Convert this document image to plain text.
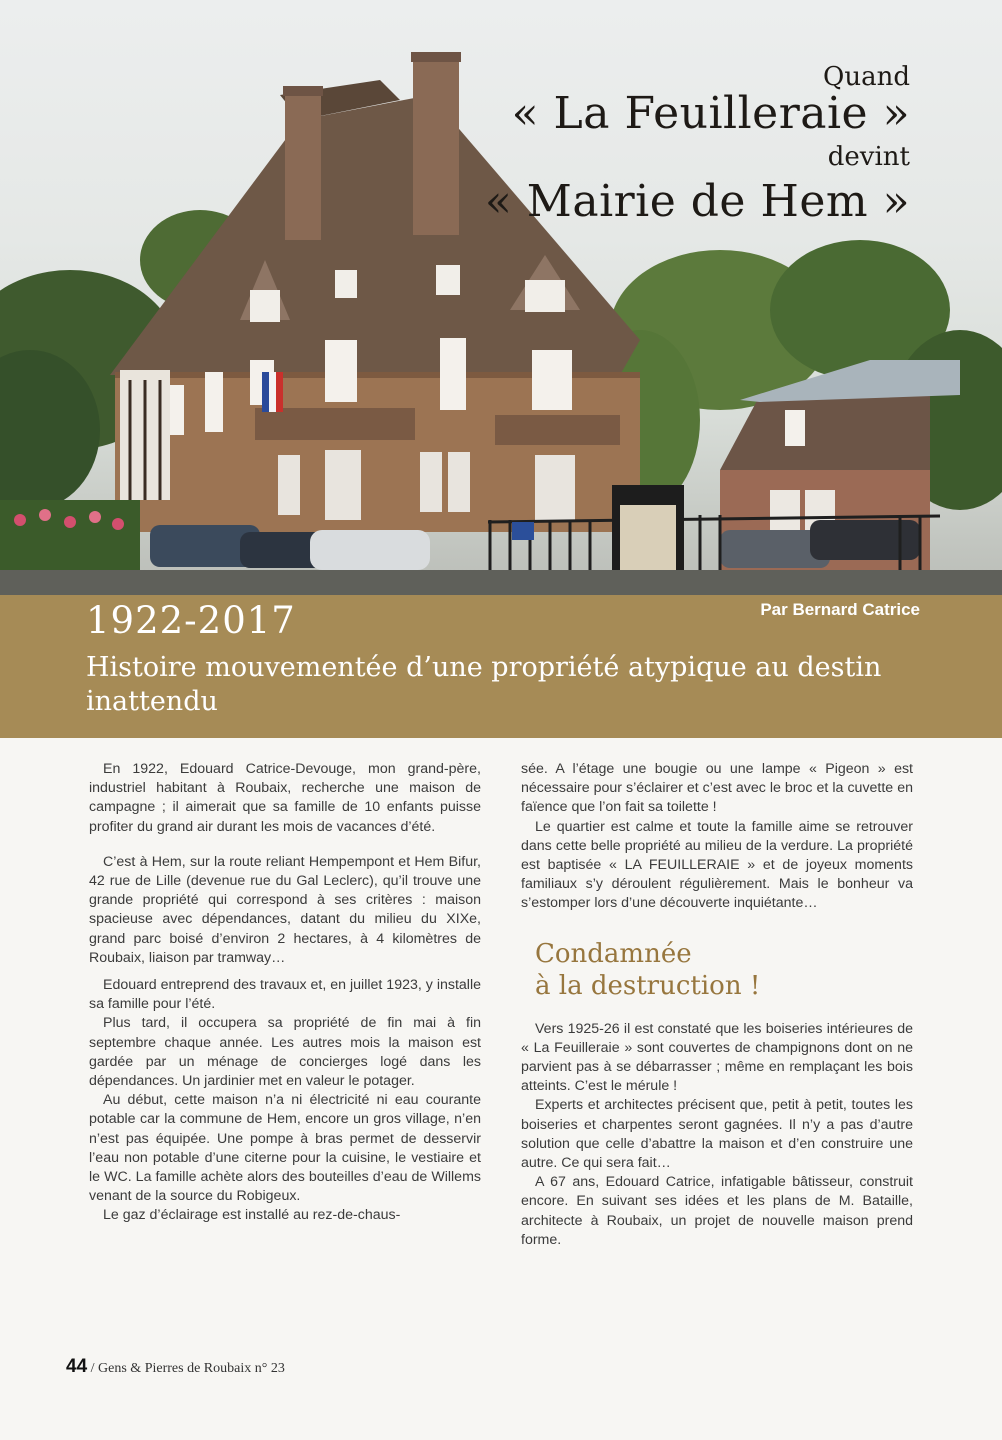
Quand
« La Feuilleraie »
devint
« Mairie de Hem »
1922-2017	Par Bernard Catrice
Histoire mouvementée d’une propriété atypique au destin inattendu

En 1922, Edouard Catrice-Devouge, mon grand-père, industriel habitant à Roubaix, recherche une maison de campagne ; il aimerait que sa famille de 10 enfants puisse profiter du grand air durant les mois de vacances d’été.

C’est à Hem, sur la route reliant Hempempont et Hem Bifur, 42 rue de Lille (devenue rue du Gal Leclerc), qu’il trouve une grande propriété qui correspond à ses critères : maison spacieuse avec dépendances, datant du milieu du XIXe, grand parc boisé d’environ 2 hectares, à 4 kilomètres de Roubaix, liaison par tramway…

Edouard entreprend des travaux et, en juillet 1923, y installe sa famille pour l’été.

Plus tard, il occupera sa propriété de fin mai à fin septembre chaque année. Les autres mois la maison est gardée par un ménage de concierges logé dans les dépendances. Un jardinier met en valeur le potager.

Au début, cette maison n’a ni électricité ni eau courante potable car la commune de Hem, encore un gros village, n’en n’est pas équipée. Une pompe à bras permet de desservir l’eau non potable d’une citerne pour la cuisine, le vestiaire et le WC. La famille achète alors des bouteilles d’eau de Willems venant de la source du Robigeux.

Le gaz d’éclairage est installé au rez-de-chaus-

sée. A l’étage une bougie ou une lampe « Pigeon » est nécessaire pour s’éclairer et c’est avec le broc et la cuvette en faïence que l’on fait sa toilette !

Le quartier est calme et toute la famille aime se retrouver dans cette belle propriété au milieu de la verdure. La propriété est baptisée « LA FEUILLERAIE » et de joyeux moments familiaux s’y déroulent régulièrement. Mais le bonheur va s’estomper lors d’une découverte inquiétante…

Condamnée
à la destruction !

Vers 1925-26 il est constaté que les boiseries intérieures de « La Feuilleraie » sont couvertes de champignons dont on ne parvient pas à se débarrasser ; même en remplaçant les bois atteints. C’est le mérule !

Experts et architectes précisent que, petit à petit, toutes les boiseries et charpentes seront gagnées. Il n’y a pas d’autre solution que celle d’abattre la maison et d’en construire une autre. Ce qui sera fait…

A 67 ans, Edouard Catrice, infatigable bâtisseur, construit encore. En suivant ses idées et les plans de M. Bataille, architecte à Roubaix, un projet de nouvelle maison prend forme.

44 / Gens & Pierres de Roubaix n° 23
